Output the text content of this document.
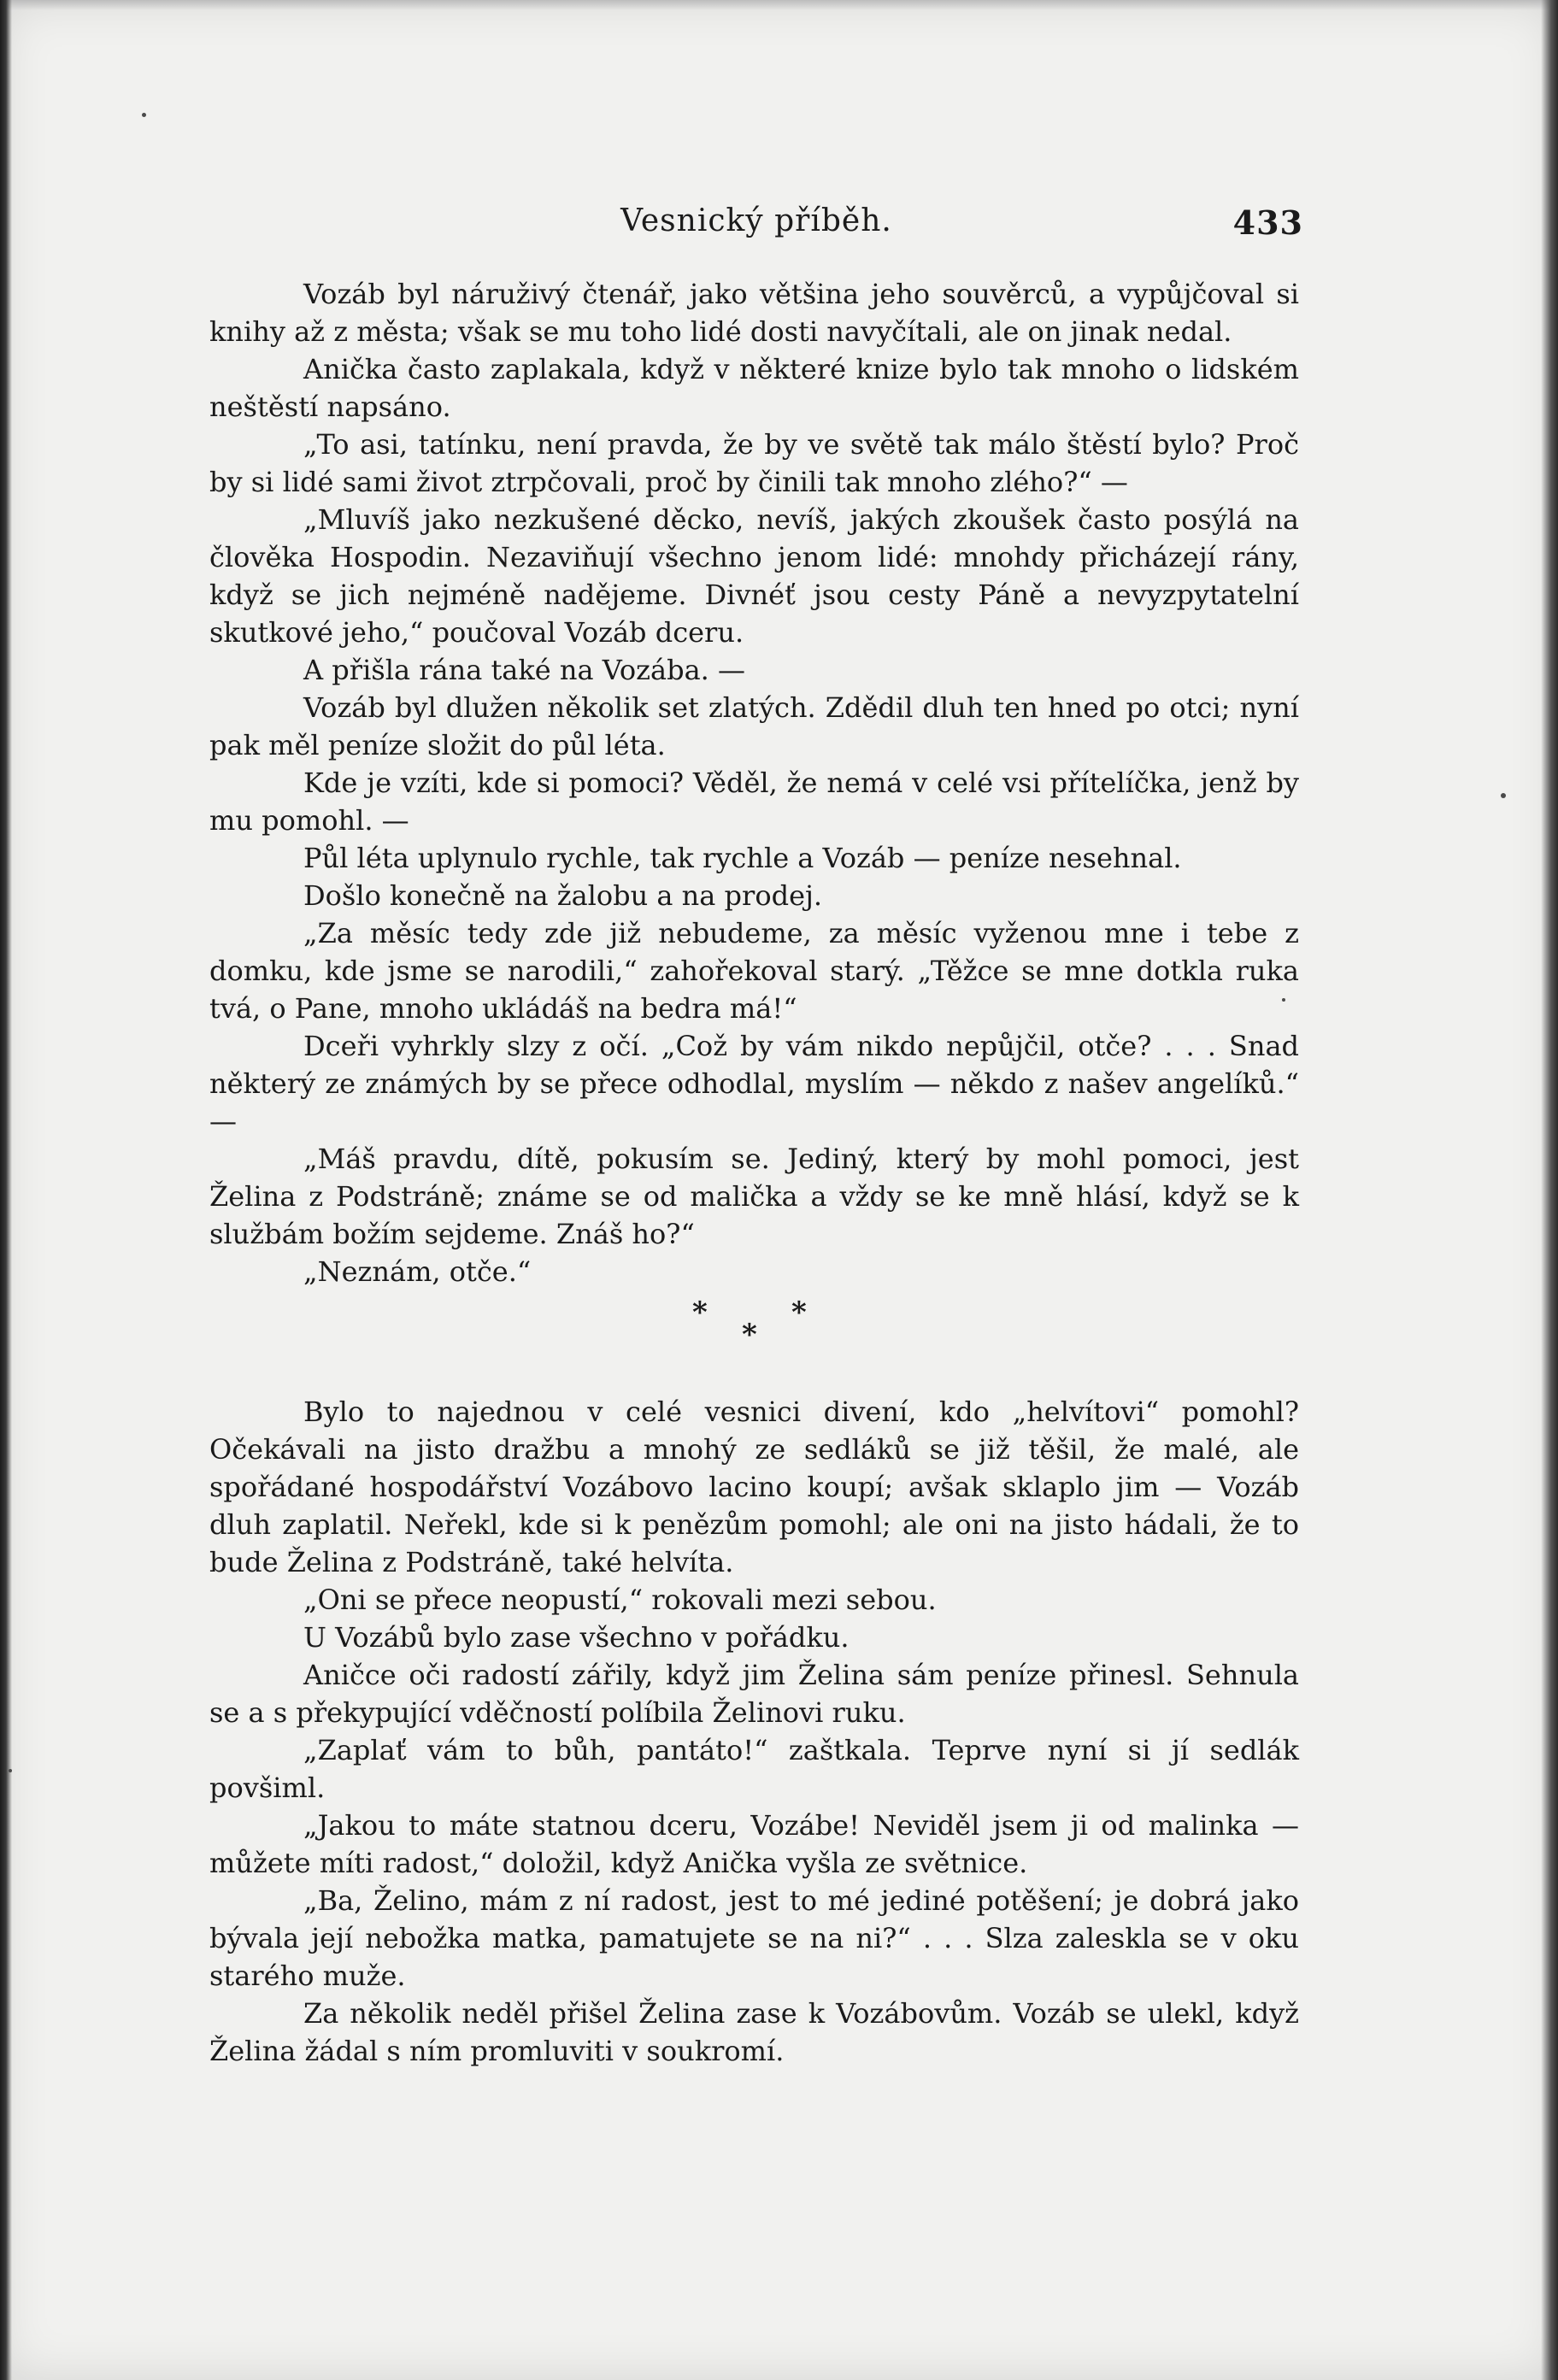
Vesnický příběh.	433

Vozáb byl náruživý čtenář, jako většina jeho souvěrců, a vypůjčoval si knihy až z města; však se mu toho lidé dosti navyčítali, ale on jinak nedal.

Anička často zaplakala, když v některé knize bylo tak mnoho o lidském neštěstí napsáno.

„To asi, tatínku, není pravda, že by ve světě tak málo štěstí bylo? Proč by si lidé sami život ztrpčovali, proč by činili tak mnoho zlého?“ —

„Mluvíš jako nezkušené děcko, nevíš, jakých zkoušek často posýlá na člověka Hospodin. Nezaviňují všechno jenom lidé: mnohdy přicházejí rány, když se jich nejméně nadějeme. Divnéť jsou cesty Páně a nevyzpytatelní skutkové jeho,“ poučoval Vozáb dceru.

A přišla rána také na Vozába. —

Vozáb byl dlužen několik set zlatých. Zdědil dluh ten hned po otci; nyní pak měl peníze složit do půl léta.

Kde je vzíti, kde si pomoci? Věděl, že nemá v celé vsi přítelíčka, jenž by mu pomohl. —

Půl léta uplynulo rychle, tak rychle a Vozáb — peníze nesehnal.

Došlo konečně na žalobu a na prodej.

„Za měsíc tedy zde již nebudeme, za měsíc vyženou mne i tebe z domku, kde jsme se narodili,“ zahořekoval starý. „Těžce se mne dotkla ruka tvá, o Pane, mnoho ukládáš na bedra má!“

Dceři vyhrkly slzy z očí. „Což by vám nikdo nepůjčil, otče? . . . Snad některý ze známých by se přece odhodlal, myslím — někdo z našev angelíků.“ —

„Máš pravdu, dítě, pokusím se. Jediný, který by mohl pomoci, jest Želina z Podstráně; známe se od malička a vždy se ke mně hlásí, když se k službám božím sejdeme. Znáš ho?“

„Neznám, otče.“

*
*
*

Bylo to najednou v celé vesnici divení, kdo „helvítovi“ pomohl? Očekávali na jisto dražbu a mnohý ze sedláků se již těšil, že malé, ale spořádané hospodářství Vozábovo lacino koupí; avšak sklaplo jim — Vozáb dluh zaplatil. Neřekl, kde si k penězům pomohl; ale oni na jisto hádali, že to bude Želina z Podstráně, také helvíta.

„Oni se přece neopustí,“ rokovali mezi sebou.

U Vozábů bylo zase všechno v pořádku.

Aničce oči radostí zářily, když jim Želina sám peníze přinesl. Sehnula se a s překypující vděčností políbila Želinovi ruku.

„Zaplať vám to bůh, pantáto!“ zaštkala. Teprve nyní si jí sedlák povšiml.

„Jakou to máte statnou dceru, Vozábe! Neviděl jsem ji od malinka — můžete míti radost,“ doložil, když Anička vyšla ze světnice.

„Ba, Želino, mám z ní radost, jest to mé jediné potěšení; je dobrá jako bývala její nebožka matka, pamatujete se na ni?“ . . . Slza zaleskla se v oku starého muže.

Za několik neděl přišel Želina zase k Vozábovům. Vozáb se ulekl, když Želina žádal s ním promluviti v soukromí.
